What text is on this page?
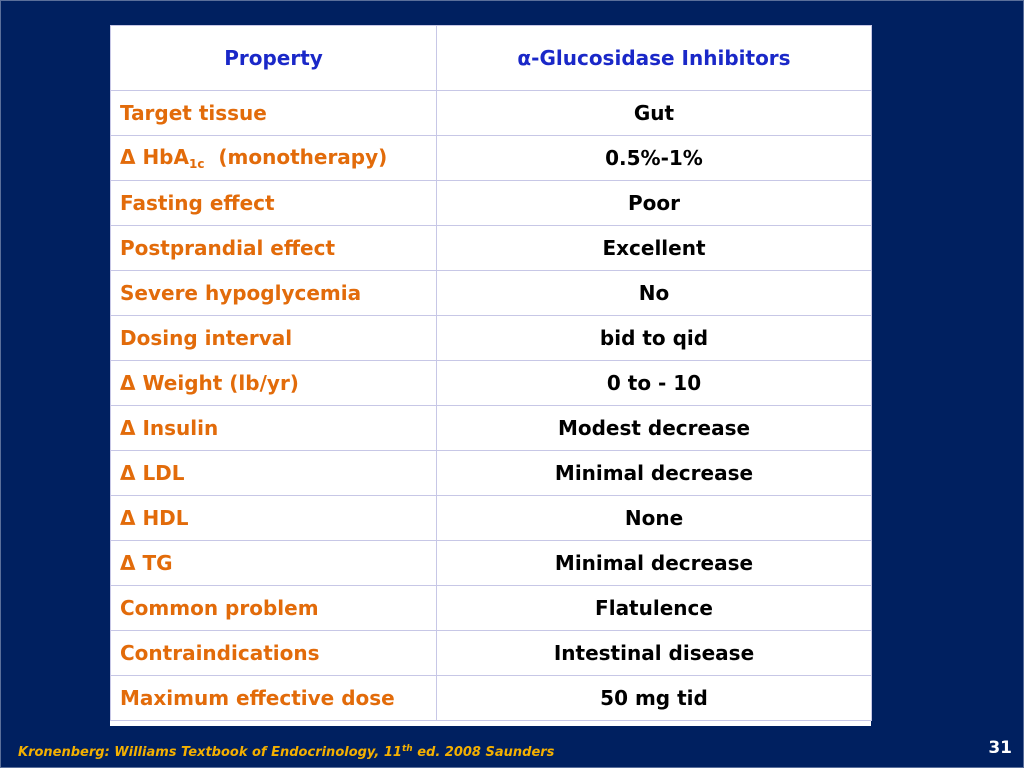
Property	α-Glucosidase Inhibitors
Target tissue	Gut
Δ HbA$_{1c}$  (monotherapy)	0.5%-1%
Fasting effect	Poor
Postprandial effect	Excellent
Severe hypoglycemia	No
Dosing interval	bid to qid
Δ Weight (lb/yr)	0 to - 10
Δ Insulin	Modest decrease
Δ LDL	Minimal decrease
Δ HDL	None
Δ TG	Minimal decrease
Common problem	Flatulence
Contraindications	Intestinal disease
Maximum effective dose	50 mg tid
Kronenberg: Williams Textbook of Endocrinology, 11th ed. 2008 Saunders	31
